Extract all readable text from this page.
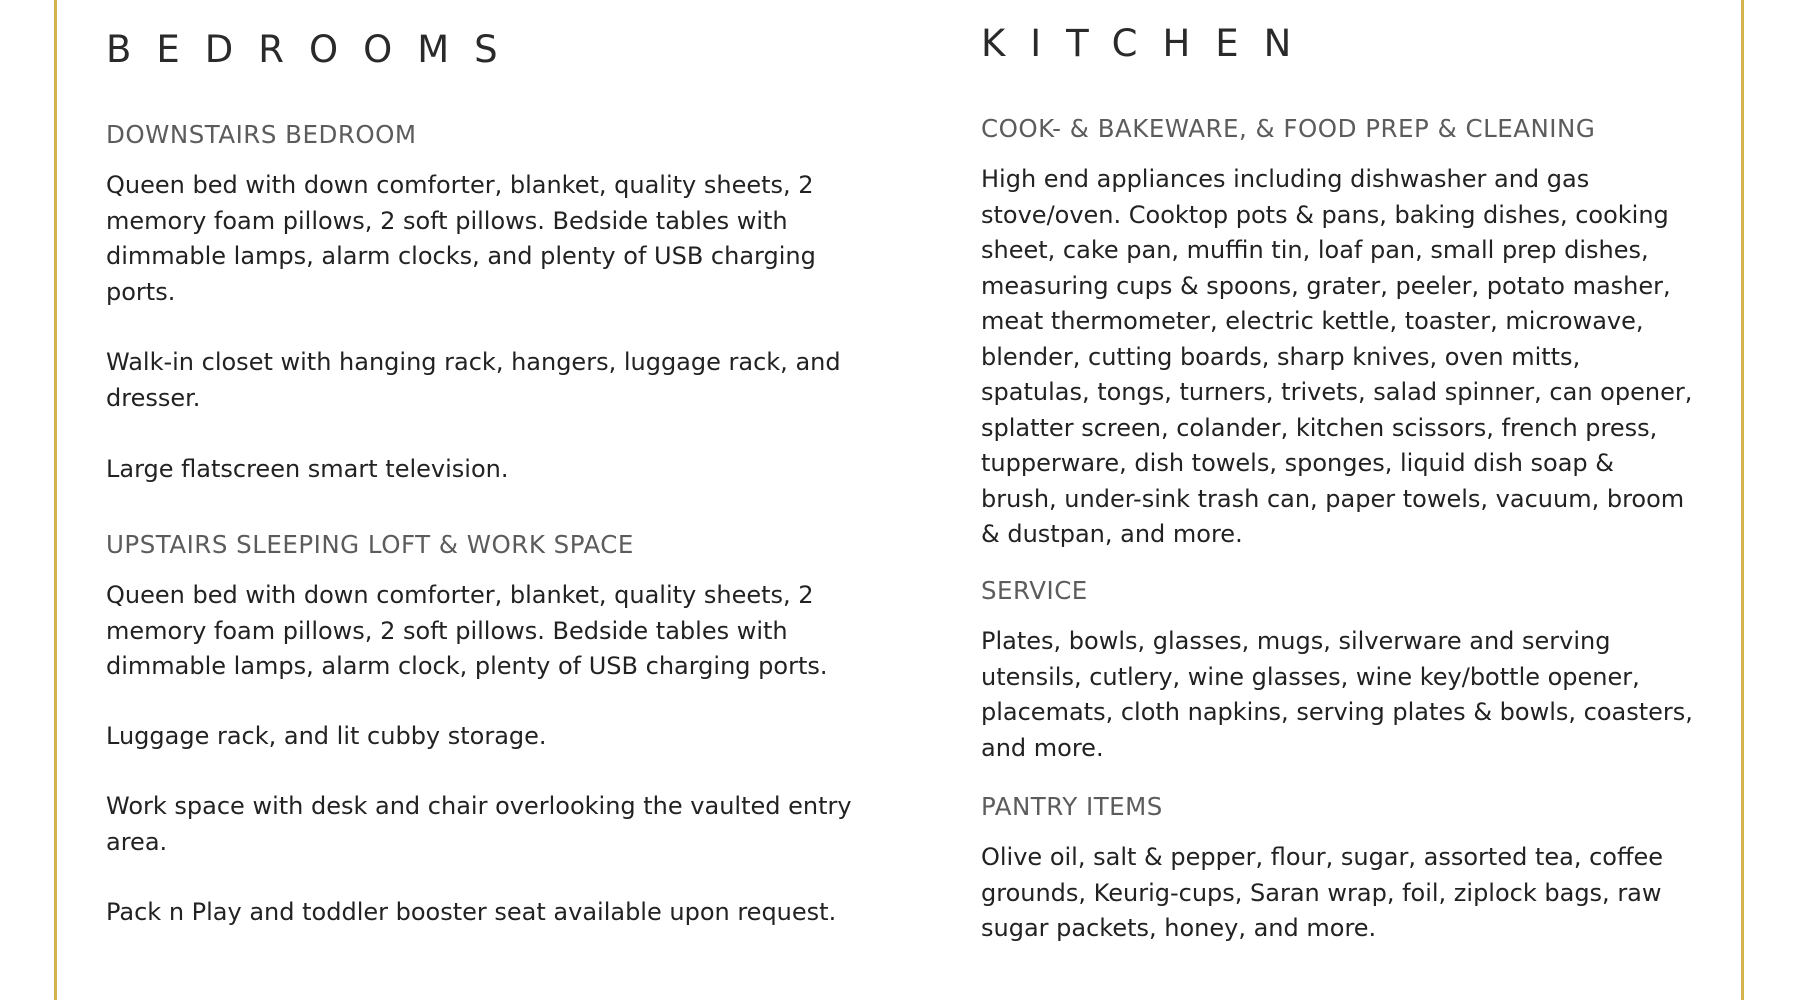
BEDROOMS
DOWNSTAIRS BEDROOM

Queen bed with down comforter, blanket, quality sheets, 2 memory foam pillows, 2 soft pillows. Bedside tables with dimmable lamps, alarm clocks, and plenty of USB charging ports.

Walk-in closet with hanging rack, hangers, luggage rack, and dresser.

Large flatscreen smart television.

UPSTAIRS SLEEPING LOFT & WORK SPACE

Queen bed with down comforter, blanket, quality sheets, 2 memory foam pillows, 2 soft pillows. Bedside tables with dimmable lamps, alarm clock, plenty of USB charging ports.

Luggage rack, and lit cubby storage.

Work space with desk and chair overlooking the vaulted entry area.

Pack n Play and toddler booster seat available upon request.

KITCHEN
COOK- & BAKEWARE, & FOOD PREP & CLEANING

High end appliances including dishwasher and gas stove/oven. Cooktop pots & pans, baking dishes, cooking sheet, cake pan, muffin tin, loaf pan, small prep dishes, measuring cups & spoons, grater, peeler, potato masher, meat thermometer, electric kettle, toaster, microwave, blender, cutting boards, sharp knives, oven mitts, spatulas, tongs, turners, trivets, salad spinner, can opener, splatter screen, colander, kitchen scissors, french press, tupperware, dish towels, sponges, liquid dish soap & brush, under-sink trash can, paper towels, vacuum, broom & dustpan, and more.

SERVICE

Plates, bowls, glasses, mugs, silverware and serving utensils, cutlery, wine glasses, wine key/bottle opener, placemats, cloth napkins, serving plates & bowls, coasters, and more.

PANTRY ITEMS

Olive oil, salt & pepper, flour, sugar, assorted tea, coffee grounds, Keurig-cups, Saran wrap, foil, ziplock bags, raw sugar packets, honey, and more.
